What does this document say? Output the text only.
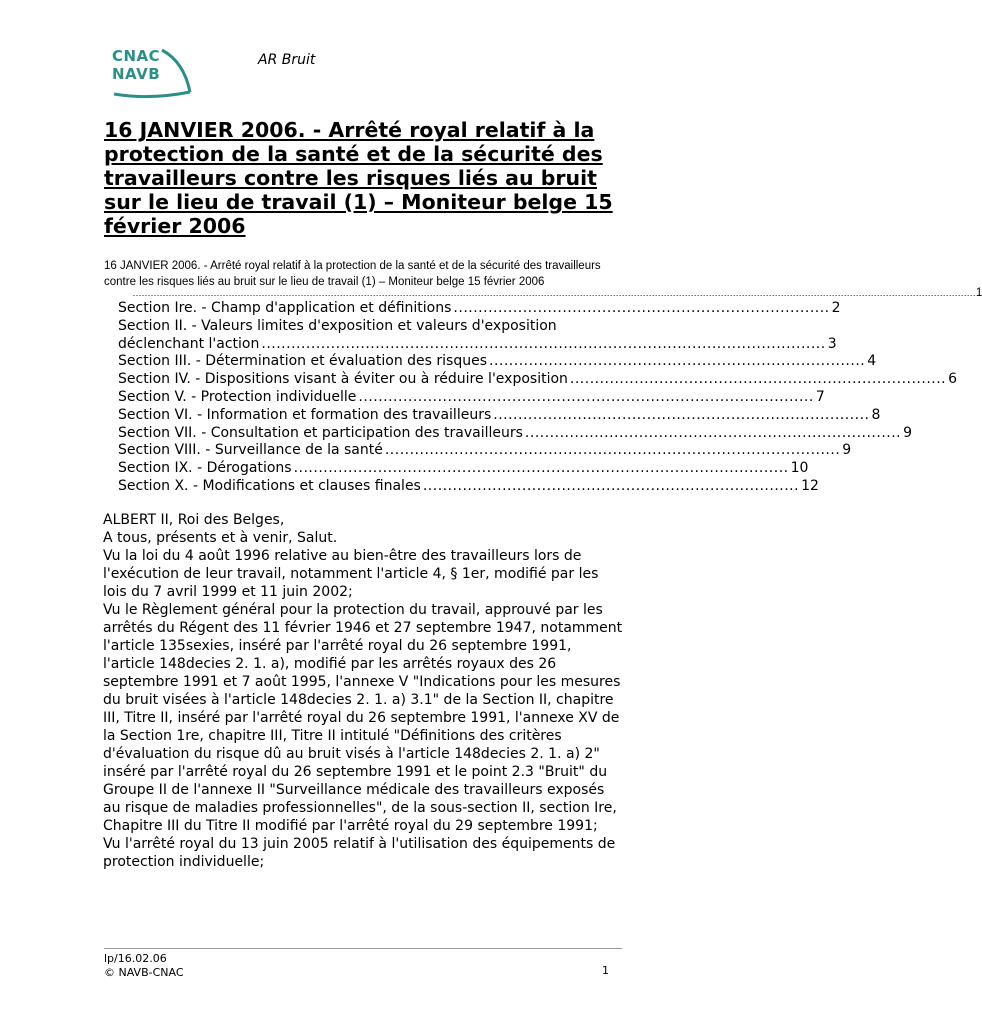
CNAC
NAVB
AR Bruit
16 JANVIER 2006. - Arrêté royal relatif à la protection de la santé et de la sécurité des travailleurs contre les risques liés au bruit sur le lieu de travail (1) – Moniteur belge 15 février 2006
16 JANVIER 2006. - Arrêté royal relatif à la protection de la santé et de la sécurité des travailleurs contre les risques liés au bruit sur le lieu de travail (1) – Moniteur belge 15 février 2006
......................................................................................................................................................................................................................................................................................... 1
Section Ire. - Champ d'application et définitions ............................................................................ 2
Section II. - Valeurs limites d'exposition et valeurs d'exposition
déclenchant l'action .................................................................................................................. 3
Section III. - Détermination et évaluation des risques ............................................................................ 4
Section IV. - Dispositions visant à éviter ou à réduire l'exposition ............................................................................ 6
Section V. - Protection individuelle ............................................................................................ 7
Section VI. - Information et formation des travailleurs ............................................................................ 8
Section VII. - Consultation et participation des travailleurs ............................................................................ 9
Section VIII. - Surveillance de la santé ............................................................................................ 9
Section IX. - Dérogations .................................................................................................... 10
Section X. - Modifications et clauses finales ............................................................................ 12

ALBERT II, Roi des Belges,

A tous, présents et à venir, Salut.

Vu la loi du 4 août 1996 relative au bien-être des travailleurs lors de l'exécution de leur travail, notamment l'article 4, § 1er, modifié par les lois du 7 avril 1999 et 11 juin 2002;

Vu le Règlement général pour la protection du travail, approuvé par les arrêtés du Régent des 11 février 1946 et 27 septembre 1947, notamment l'article 135sexies, inséré par l'arrêté royal du 26 septembre 1991, l'article 148decies 2. 1. a), modifié par les arrêtés royaux des 26 septembre 1991 et 7 août 1995, l'annexe V "Indications pour les mesures du bruit visées à l'article 148decies 2. 1. a) 3.1" de la Section II, chapitre III, Titre II, inséré par l'arrêté royal du 26 septembre 1991, l'annexe XV de la Section 1re, chapitre III, Titre II intitulé "Définitions des critères d'évaluation du risque dû au bruit visés à l'article 148decies 2. 1. a) 2" inséré par l'arrêté royal du 26 septembre 1991 et le point 2.3 "Bruit" du Groupe II de l'annexe II "Surveillance médicale des travailleurs exposés au risque de maladies professionnelles", de la sous-section II, section Ire, Chapitre III du Titre II modifié par l'arrêté royal du 29 septembre 1991;

Vu l'arrêté royal du 13 juin 2005 relatif à l'utilisation des équipements de protection individuelle;

lp/16.02.06
© NAVB-CNAC	1
